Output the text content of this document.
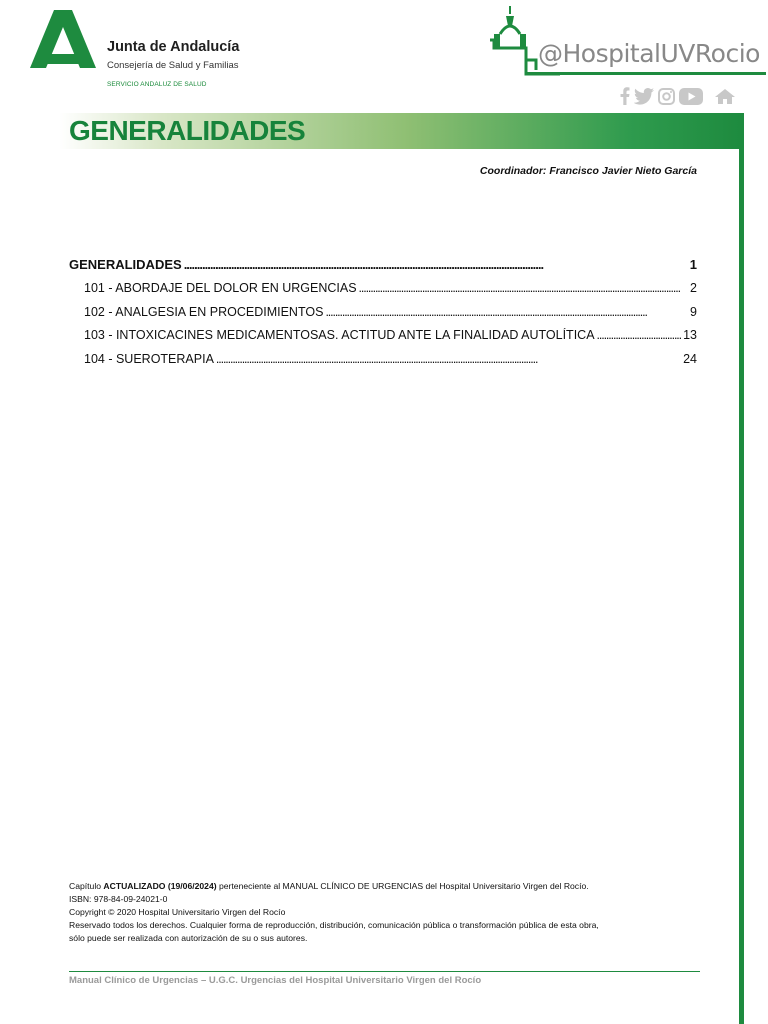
Junta de Andalucía
Consejería de Salud y Familias
SERVICIO ANDALUZ DE SALUD
@HospitalUVRocio
GENERALIDADES
Coordinador: Francisco Javier Nieto García
GENERALIDADES . . .	1
101 - ABORDAJE DEL DOLOR EN URGENCIAS . . .	2
102 - ANALGESIA EN PROCEDIMIENTOS . . .	9
103 - INTOXICACINES MEDICAMENTOSAS. ACTITUD ANTE LA FINALIDAD AUTOLÍTICA . . .	13
104 - SUEROTERAPIA . . .	24
Capítulo ACTUALIZADO (19/06/2024) perteneciente al MANUAL CLÍNICO DE URGENCIAS del Hospital Universitario Virgen del Rocío.
ISBN: 978-84-09-24021-0
Copyright © 2020 Hospital Universitario Virgen del Rocío
Reservado todos los derechos. Cualquier forma de reproducción, distribución, comunicación pública o transformación pública de esta obra,
sólo puede ser realizada con autorización de su o sus autores.
Manual Clínico de Urgencias – U.G.C. Urgencias del Hospital Universitario Virgen del Rocío
